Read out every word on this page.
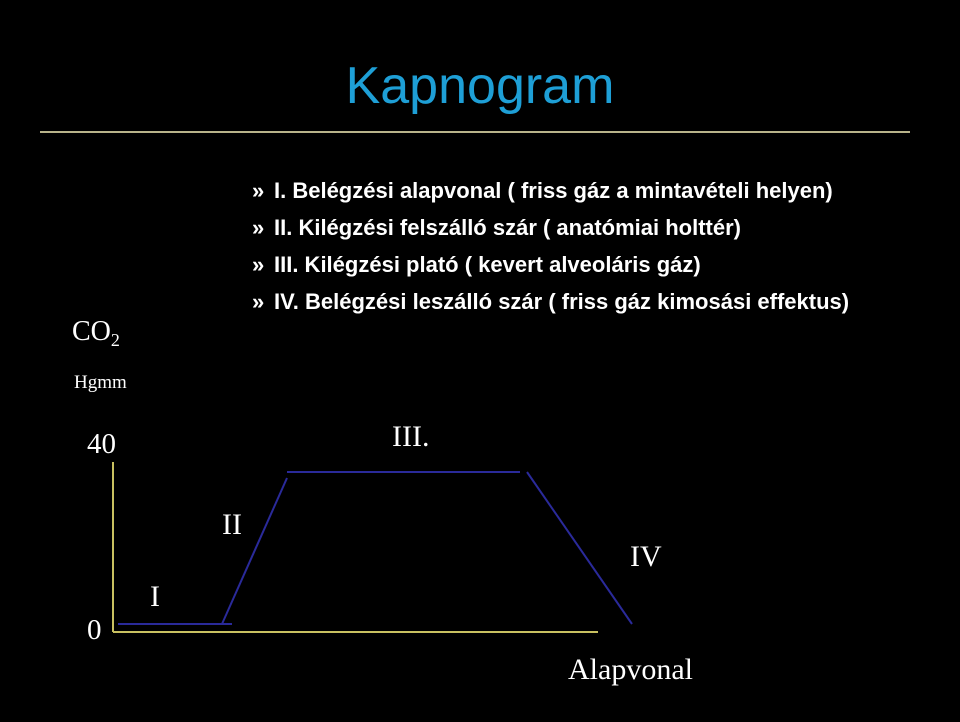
Kapnogram
» I. Belégzési alapvonal ( friss gáz a mintavételi helyen)
» II. Kilégzési felszálló szár ( anatómiai holttér)
» III. Kilégzési plató ( kevert alveoláris gáz)
» IV. Belégzési leszálló szár ( friss gáz kimosási effektus)
$CO_2$
Hgmm
40
0
I
II
III.
IV
Alapvonal
